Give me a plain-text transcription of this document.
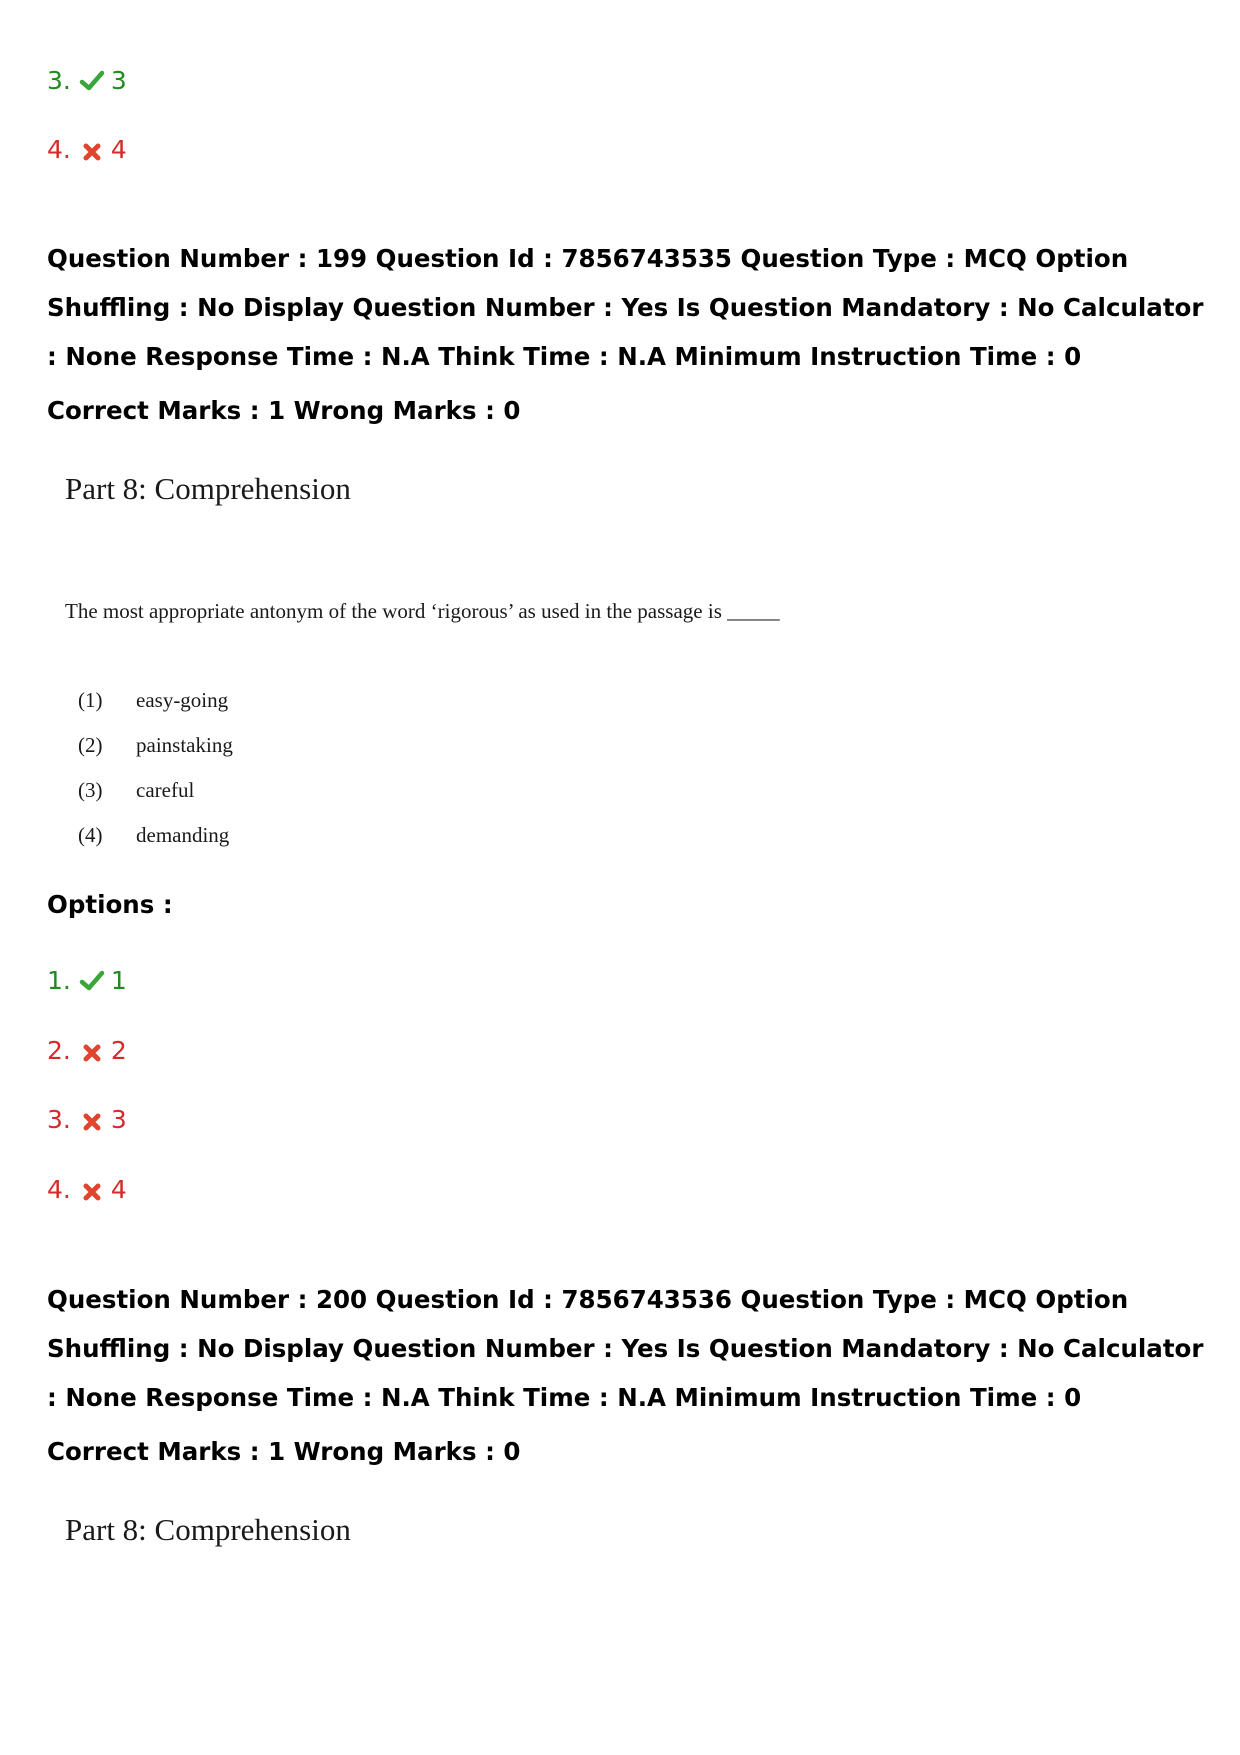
3. 3
4. 4
Question Number : 199 Question Id : 7856743535 Question Type : MCQ Option Shuffling : No Display Question Number : Yes Is Question Mandatory : No Calculator : None Response Time : N.A Think Time : N.A Minimum Instruction Time : 0
Correct Marks : 1 Wrong Marks : 0
Part 8: Comprehension
The most appropriate antonym of the word ‘rigorous’ as used in the passage is _____
(1) easy-going
(2) painstaking
(3) careful
(4) demanding
Options :
1. 1
2. 2
3. 3
4. 4
Question Number : 200 Question Id : 7856743536 Question Type : MCQ Option Shuffling : No Display Question Number : Yes Is Question Mandatory : No Calculator : None Response Time : N.A Think Time : N.A Minimum Instruction Time : 0
Correct Marks : 1 Wrong Marks : 0
Part 8: Comprehension
